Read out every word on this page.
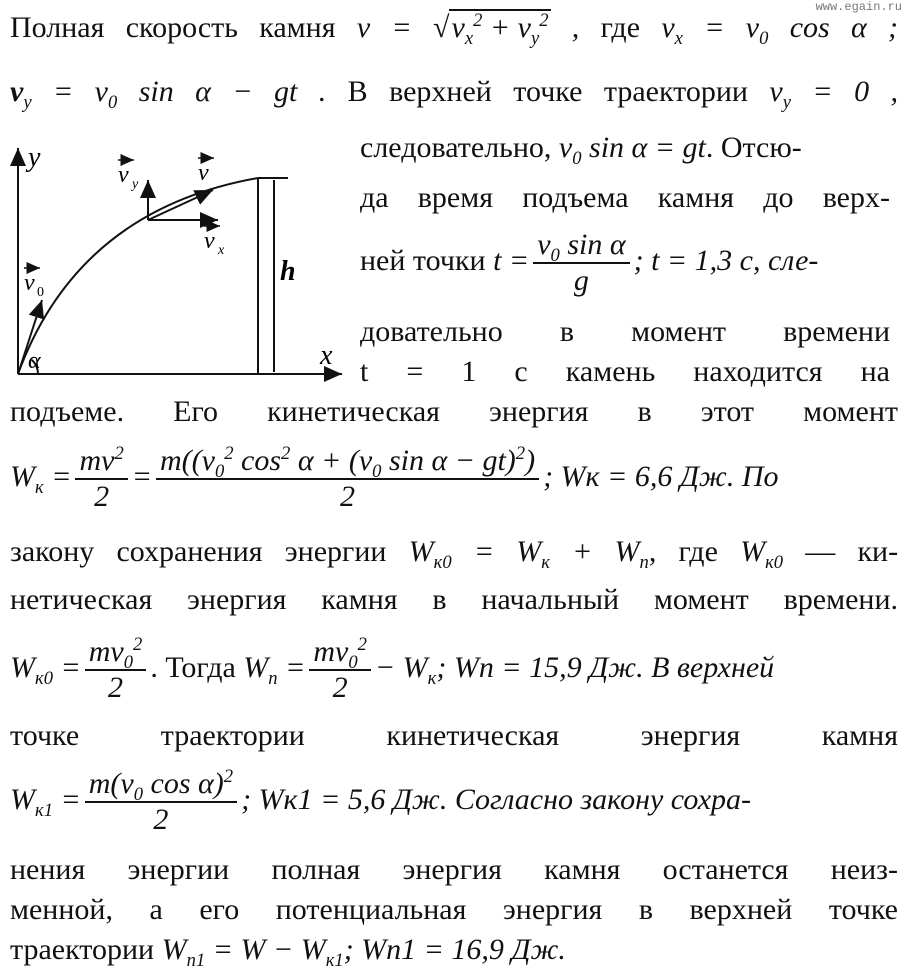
www.egain.ru
Полная скорость камня $v = √v_x^2 + v_y^2$ , где $v_x = v_0$ cos α ;
$v_y = v_0$ sin α − gt . В верхней точке траектории $v_y = 0$ ,
y
x
h
α
v 0
v y v
v x
следовательно, $v_0$ sin α = gt. Отсю-
да время подъема камня до верх-
ней точки $t = \frac{v_0 \sin \alpha}{g}$ ; t = 1,3 с, сле-
довательно в момент времени
t = 1 с камень находится на
подъеме. Его кинетическая энергия в этот момент
$W_к = \frac{mv^2}{2} = \frac{m((v_0^2 \cos^2 \alpha + (v_0 \sin \alpha - gt)^2)}{2}$ ; Wк = 6,6 Дж. По
закону сохранения энергии $W_{к0} = W_к + W_п$, где $W_{к0}$ — ки-
нетическая энергия камня в начальный момент времени.
$W_{к0} = \frac{mv_0^2}{2}$ . Тогда $W_п = \frac{mv_0^2}{2} - W_к$; Wп = 15,9 Дж. В верхней
точке траектории кинетическая энергия камня
$W_{к1} = \frac{m(v_0 \cos \alpha)^2}{2}$ ; Wк1 = 5,6 Дж. Согласно закону сохра-
нения энергии полная энергия камня останется неиз-
менной, а его потенциальная энергия в верхней точке
траектории $W_{п1} = W - W_{к1}$; Wп1 = 16,9 Дж.
